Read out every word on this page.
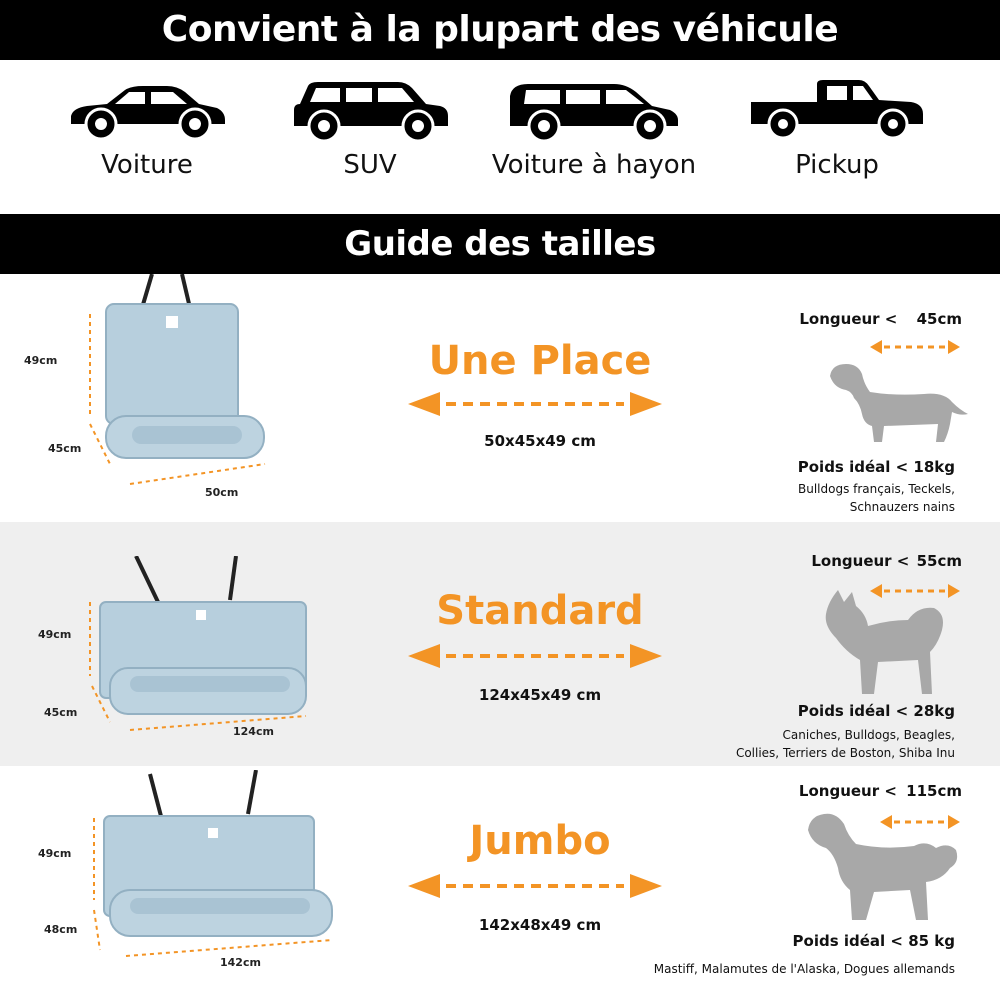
Convient à la plupart des véhicule
Voiture	SUV	Voiture à hayon	Pickup
Guide des tailles
49cm
45cm
50cm
Une Place
50x45x49 cm
Longueur < 45cm
Poids idéal < 18kg
Bulldogs français, Teckels,
Schnauzers nains
49cm
45cm
124cm
Standard
124x45x49 cm
Longueur < 55cm
Poids idéal < 28kg
Caniches, Bulldogs, Beagles,
Collies, Terriers de Boston, Shiba Inu
49cm
48cm
142cm
Jumbo
142x48x49 cm
Longueur < 115cm
Poids idéal < 85 kg
Mastiff, Malamutes de l'Alaska, Dogues allemands
